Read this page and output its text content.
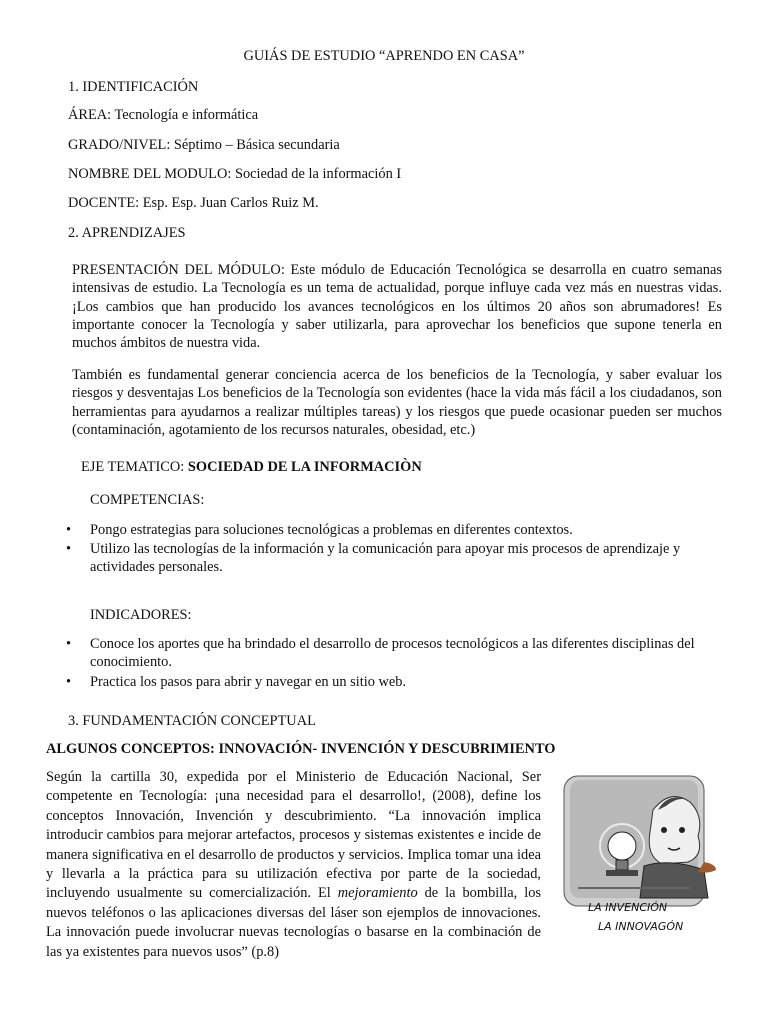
GUIÁS DE ESTUDIO “APRENDO EN CASA”
1. IDENTIFICACIÓN
ÁREA: Tecnología e informática
GRADO/NIVEL: Séptimo – Básica secundaria
NOMBRE DEL MODULO: Sociedad de la información I
DOCENTE: Esp. Esp. Juan Carlos Ruiz M.
2. APRENDIZAJES
PRESENTACIÓN DEL MÓDULO: Este módulo de Educación Tecnológica se desarrolla en cuatro semanas intensivas de estudio. La Tecnología es un tema de actualidad, porque influye cada vez más en nuestras vidas. ¡Los cambios que han producido los avances tecnológicos en los últimos 20 años son abrumadores! Es importante conocer la Tecnología y saber utilizarla, para aprovechar los beneficios que supone tenerla en muchos ámbitos de nuestra vida.
También es fundamental generar conciencia acerca de los beneficios de la Tecnología, y saber evaluar los riesgos y desventajas Los beneficios de la Tecnología son evidentes (hace la vida más fácil a los ciudadanos, son herramientas para ayudarnos a realizar múltiples tareas) y los riesgos que puede ocasionar pueden ser muchos (contaminación, agotamiento de los recursos naturales, obesidad, etc.)
EJE TEMATICO: SOCIEDAD DE LA INFORMACIÒN
COMPETENCIAS:
• Pongo estrategias para soluciones tecnológicas a problemas en diferentes contextos.
• Utilizo las tecnologías de la información y la comunicación para apoyar mis procesos de aprendizaje y actividades personales.
INDICADORES:
• Conoce los aportes que ha brindado el desarrollo de procesos tecnológicos a las diferentes disciplinas del conocimiento.
• Practica los pasos para abrir y navegar en un sitio web.
3. FUNDAMENTACIÓN CONCEPTUAL
ALGUNOS CONCEPTOS: INNOVACIÓN- INVENCIÓN Y DESCUBRIMIENTO
Según la cartilla 30, expedida por el Ministerio de Educación Nacional, Ser competente en Tecnología: ¡una necesidad para el desarrollo!, (2008), define los conceptos Innovación, Invención y descubrimiento. “La innovación implica introducir cambios para mejorar artefactos, procesos y sistemas existentes e incide de manera significativa en el desarrollo de productos y servicios. Implica tomar una idea y llevarla a la práctica para su utilización efectiva por parte de la sociedad, incluyendo usualmente su comercialización. El mejoramiento de la bombilla, los nuevos teléfonos o las aplicaciones diversas del láser son ejemplos de innovaciones. La innovación puede involucrar nuevas tecnologías o basarse en la combinación de las ya existentes para nuevos usos” (p.8)
LA INVENCIÓN
LA INNOVAGÓN
